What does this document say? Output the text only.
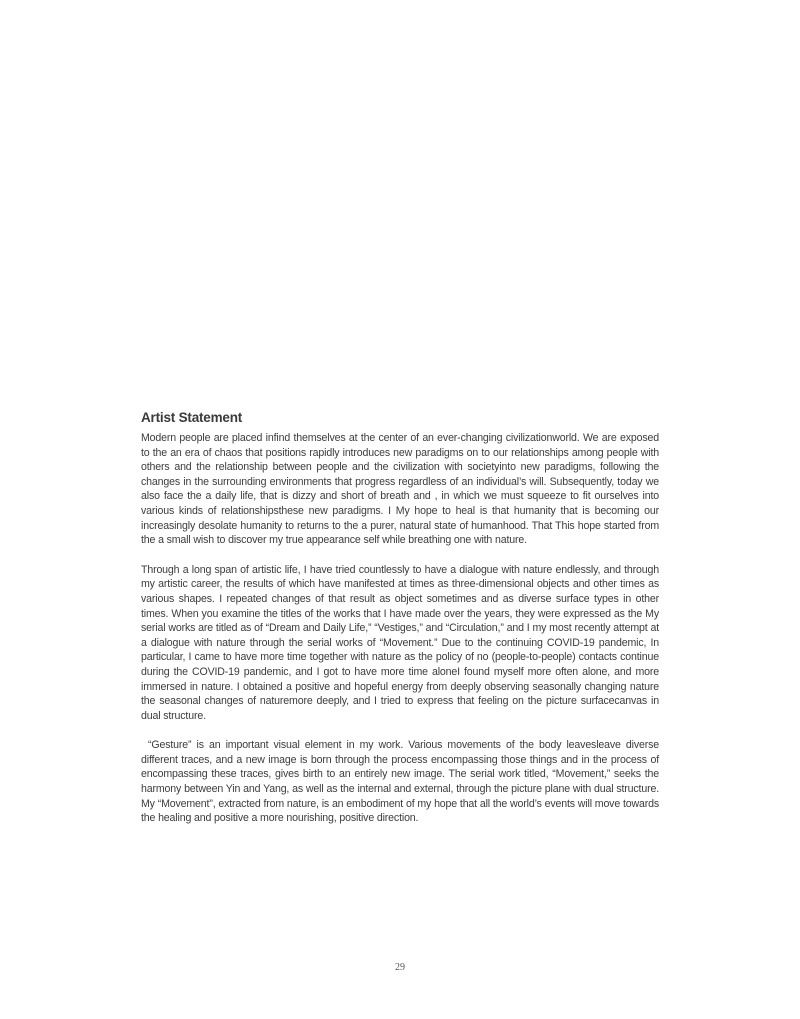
Artist Statement

Modern people are placed infind themselves at the center of an ever-changing civilizationworld. We are exposed to the an era of chaos that positions rapidly introduces new paradigms on to our relationships among people with others and the relationship between people and the civilization with societyinto new paradigms, following the changes in the surrounding environments that progress regardless of an individual’s will. Subsequently, today we also face the a daily life, that is dizzy and short of breath and , in which we must squeeze to fit ourselves into various kinds of relationshipsthese new paradigms. I My hope to heal is that humanity that is becoming our increasingly desolate humanity to returns to the a purer, natural state of humanhood. That This hope started from the a small wish to discover my true appearance self while breathing one with nature.

Through a long span of artistic life, I have tried countlessly to have a dialogue with nature endlessly, and through my artistic career, the results of which have manifested at times as three-dimensional objects and other times as various shapes. I repeated changes of that result as object sometimes and as diverse surface types in other times. When you examine the titles of the works that I have made over the years, they were expressed as the My serial works are titled as of “Dream and Daily Life,” “Vestiges,” and “Circulation,” and I my most recently attempt at a dialogue with nature through the serial works of “Movement.” Due to the continuing COVID-19 pandemic, In particular, I came to have more time together with nature as the policy of no (people-to-people) contacts continue during the COVID-19 pandemic, and I got to have more time aloneI found myself more often alone, and more immersed in nature. I obtained a positive and hopeful energy from deeply observing seasonally changing nature the seasonal changes of naturemore deeply, and I tried to express that feeling on the picture surfacecanvas in dual structure.

“Gesture” is an important visual element in my work. Various movements of the body leavesleave diverse different traces, and a new image is born through the process encompassing those things and in the process of encompassing these traces, gives birth to an entirely new image. The serial work titled, “Movement,” seeks the harmony between Yin and Yang, as well as the internal and external, through the picture plane with dual structure. My “Movement”, extracted from nature, is an embodiment of my hope that all the world’s events will move towards the healing and positive a more nourishing, positive direction.

29
